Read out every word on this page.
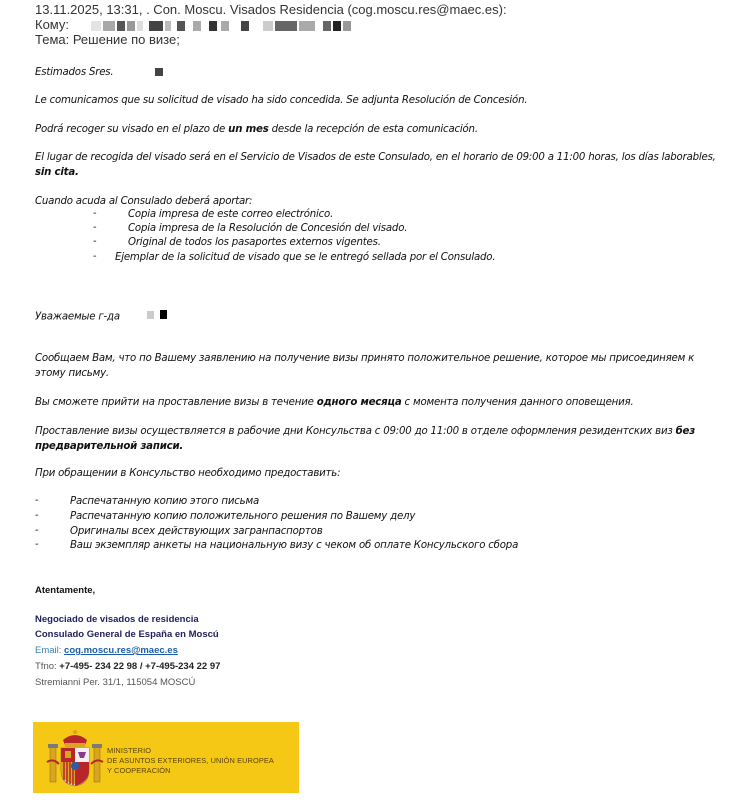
13.11.2025, 13:31, . Con. Moscu. Visados Residencia (cog.moscu.res@maec.es):
Кому:
Тема: Решение по визе;
Estimados Sres.
Le comunicamos que su solicitud de visado ha sido concedida. Se adjunta Resolución de Concesión.
Podrá recoger su visado en el plazo de un mes desde la recepción de esta comunicación.
El lugar de recogida del visado será en el Servicio de Visados de este Consulado, en el horario de 09:00 a 11:00 horas, los días laborables, sin cita.
Cuando acuda al Consulado deberá aportar:
-	Copia impresa de este correo electrónico.
-	Copia impresa de la Resolución de Concesión del visado.
-	Original de todos los pasaportes externos vigentes.
- Ejemplar de la solicitud de visado que se le entregó sellada por el Consulado.
Уважаемые г-да
Сообщаем Вам, что по Вашему заявлению на получение визы принято положительное решение, которое мы присоединяем к этому письму.
Вы сможете прийти на проставление визы в течение одного месяца с момента получения данного оповещения.
Проставление визы осуществляется в рабочие дни Консульства с 09:00 до 11:00 в отделе оформления резидентских виз без предварительной записи.
При обращении в Консульство необходимо предоставить:
-	Распечатанную копию этого письма
-	Распечатанную копию положительного решения по Вашему делу
-	Оригиналы всех действующих загранпаспортов
-	Ваш экземпляр анкеты на национальную визу с чеком об оплате Консульского сбора
Atentamente,
Negociado de visados de residencia
Consulado General de España en Moscú
Email: cog.moscu.res@maec.es
Tfno: +7-495- 234 22 98 / +7-495-234 22 97
Stremianni Per. 31/1, 115054 MOSCÚ
MINISTERIO
DE ASUNTOS EXTERIORES, UNIÓN EUROPEA
Y COOPERACIÓN
